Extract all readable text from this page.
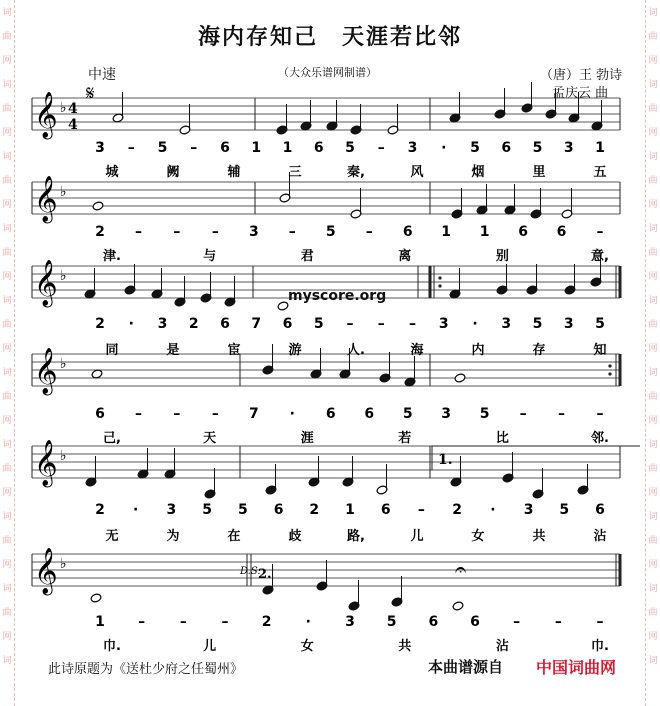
词
曲
网
词
曲
网
词
曲
网
词
曲
网
词
曲
网
词
曲
网
词
曲
网
词
曲
网
词
曲
网
词
词
曲
网
词
曲
网
词
曲
网
词
曲
网
词
曲
网
词
曲
网
词
曲
网
词
曲
网
词
曲
网
词
海内存知己　天涯若比邻
中速	（大众乐谱网制谱）	（唐）王 勃诗
孟庆云 曲
𝄞 ♭
𝄞 ♭
𝄞 ♭
𝄞 ♭
𝄞 ♭
𝄞 ♭
4
4
𝄋
myscore.org
1.
D.S.
2.	𝄐
3 – 5 – 6 1 1 6 5 – 3 · 5 6 5 3 1
2 – – – 3 – 5 – 6 1 1 6 6 –
2 · 3 2 6 7 6 5 – – – 3 · 3 5 3 5
6 – – – 7 · 6 6 5 3 5 – – –
2 · 3 5 5 6 2 1 6 – 2 · 3 5 6
1 – – – 2 · 3 5 6 6 – – –
城	阙	辅	三	秦,	风	烟	里	五
津.	与	君	离	别	意,
同	是	宦	游	人.	海	内	存	知
己,	天	涯	若	比	邻.
无	为	在	歧	路,	儿	女	共	沾
巾.	儿	女	共	沾	巾.
此诗原题为《送杜少府之任蜀州》	本曲谱源自 中国词曲网
